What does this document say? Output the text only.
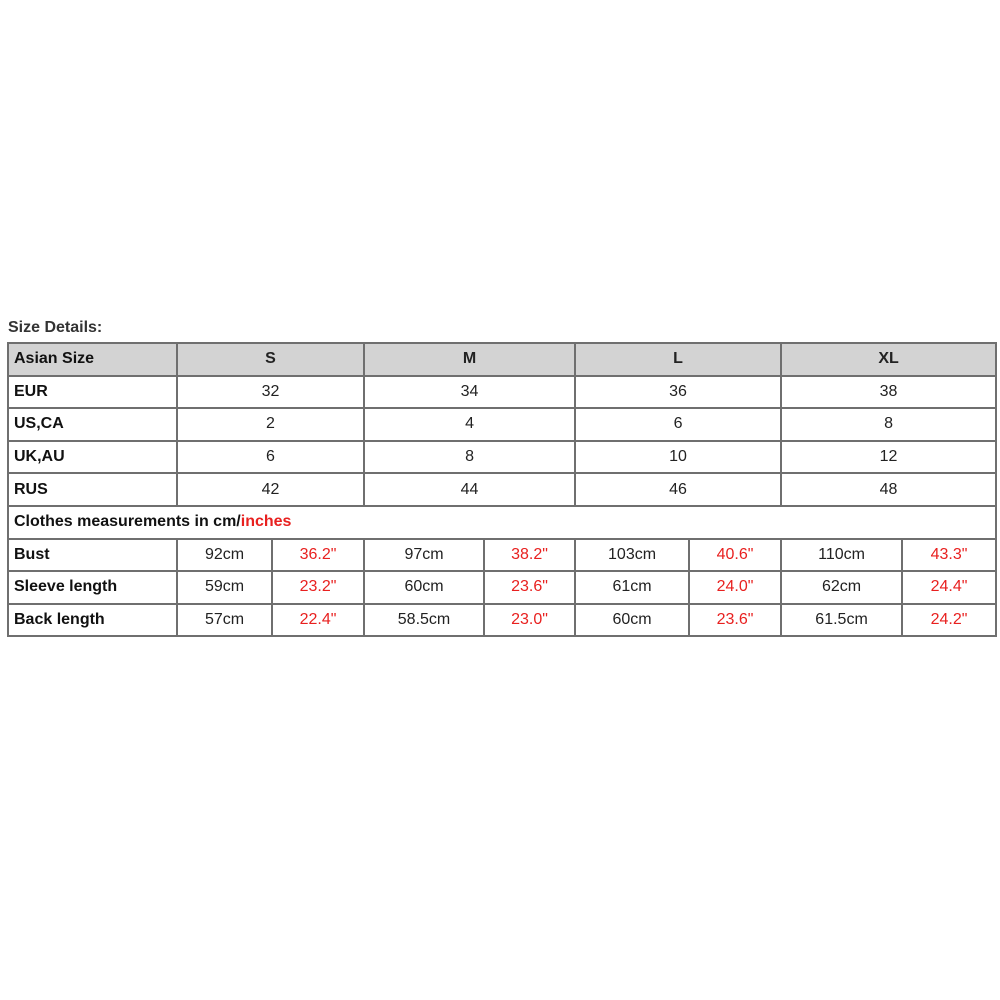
Size Details:
Asian Size	S		M		L		XL	
EUR	32		34		36		38	
US,CA	2		4		6		8	
UK,AU	6		8		10		12	
RUS	42		44		46		48	
Clothes measurements in cm/inches								
Bust	92cm	36.2"	97cm	38.2"	103cm	40.6"	110cm	43.3"
Sleeve length	59cm	23.2"	60cm	23.6"	61cm	24.0"	62cm	24.4"
Back length	57cm	22.4"	58.5cm	23.0"	60cm	23.6"	61.5cm	24.2"
